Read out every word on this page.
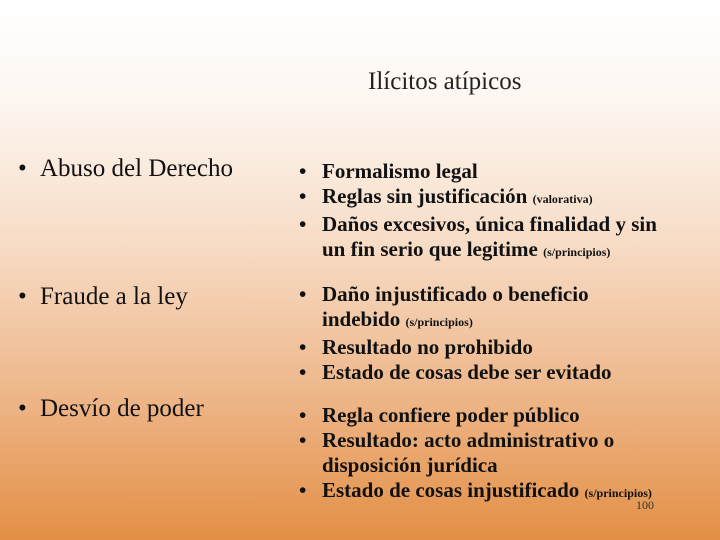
Ilícitos atípicos
• Abuso del Derecho
• Fraude a la ley
• Desvío de poder
• Formalismo legal
• Reglas sin justificación (valorativa)
• Daños excesivos, única finalidad y sin
un fin serio que legitime (s/principios)
• Daño injustificado o beneficio
indebido (s/principios)
• Resultado no prohibido
• Estado de cosas debe ser evitado
• Regla confiere poder público
• Resultado: acto administrativo o
disposición jurídica
• Estado de cosas injustificado (s/principios)
100
